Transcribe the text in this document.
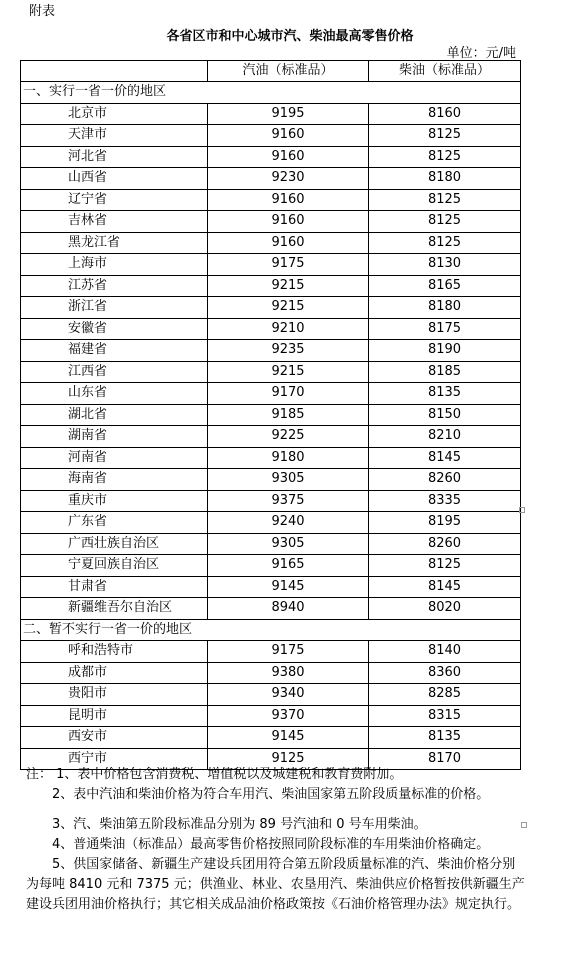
附表
各省区市和中心城市汽、柴油最高零售价格
单位：元/吨
	汽油（标准品）	柴油（标准品）
一、实行一省一价的地区		
北京市	9195	8160
天津市	9160	8125
河北省	9160	8125
山西省	9230	8180
辽宁省	9160	8125
吉林省	9160	8125
黑龙江省	9160	8125
上海市	9175	8130
江苏省	9215	8165
浙江省	9215	8180
安徽省	9210	8175
福建省	9235	8190
江西省	9215	8185
山东省	9170	8135
湖北省	9185	8150
湖南省	9225	8210
河南省	9180	8145
海南省	9305	8260
重庆市	9375	8335
广东省	9240	8195
广西壮族自治区	9305	8260
宁夏回族自治区	9165	8125
甘肃省	9145	8145
新疆维吾尔自治区	8940	8020
二、暂不实行一省一价的地区		
呼和浩特市	9175	8140
成都市	9380	8360
贵阳市	9340	8285
昆明市	9370	8315
西安市	9145	8135
西宁市	9125	8170

注： 1、表中价格包含消费税、增值税以及城建税和教育费附加。

2、表中汽油和柴油价格为符合车用汽、柴油国家第五阶段质量标准的价格。

3、汽、柴油第五阶段标准品分别为 89 号汽油和 0 号车用柴油。

4、普通柴油（标准品）最高零售价格按照同阶段标准的车用柴油价格确定。

5、供国家储备、新疆生产建设兵团用符合第五阶段质量标准的汽、柴油价格分别为每吨 8410 元和 7375 元；供渔业、林业、农垦用汽、柴油供应价格暂按供新疆生产建设兵团用油价格执行；其它相关成品油价格政策按《石油价格管理办法》规定执行。
